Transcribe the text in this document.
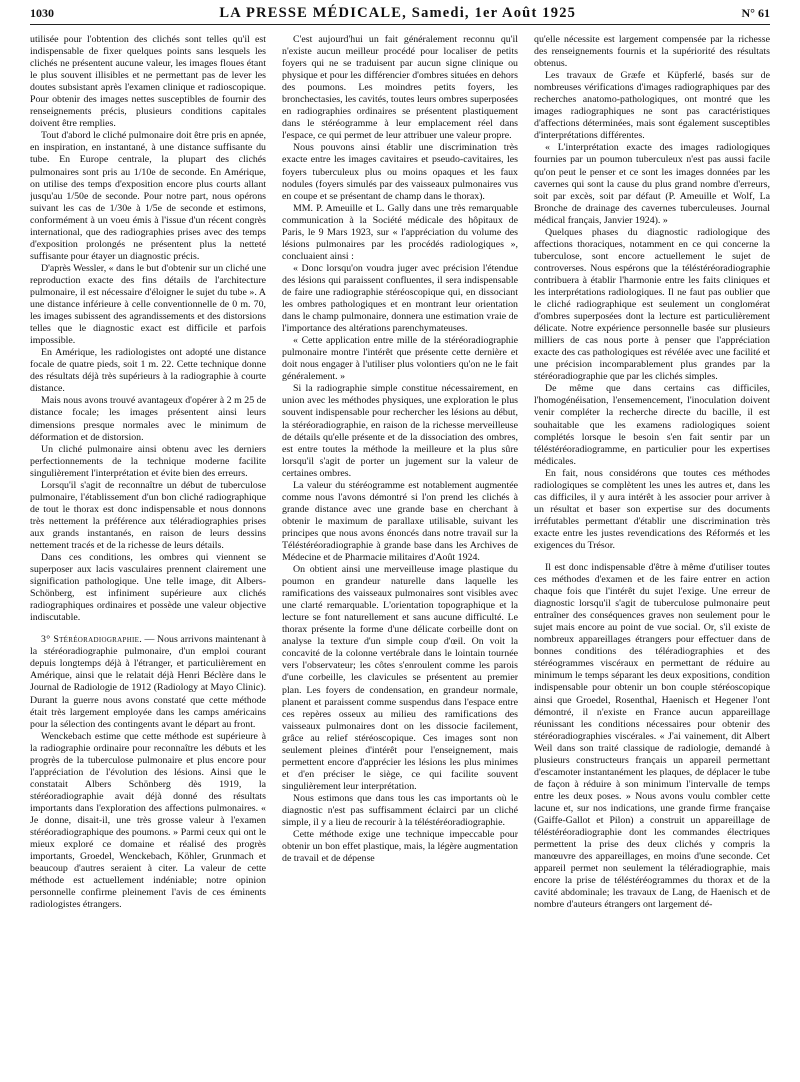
1030	LA PRESSE MÉDICALE, Samedi, 1er Août 1925	N° 61

utilisée pour l'obtention des clichés sont telles qu'il est indispensable de fixer quelques points sans lesquels les clichés ne présentent aucune valeur, les images floues étant le plus souvent illisibles et ne permettant pas de lever les doutes subsistant après l'examen clinique et radioscopique. Pour obtenir des images nettes susceptibles de fournir des renseignements précis, plusieurs conditions capitales doivent être remplies.

Tout d'abord le cliché pulmonaire doit être pris en apnée, en inspiration, en instantané, à une distance suffisante du tube. En Europe centrale, la plupart des clichés pulmonaires sont pris au 1/10e de seconde. En Amérique, on utilise des temps d'exposition encore plus courts allant jusqu'au 1/50e de seconde. Pour notre part, nous opérons suivant les cas de 1/30e à 1/5e de seconde et estimons, conformément à un voeu émis à l'issue d'un récent congrès international, que des radiographies prises avec des temps d'exposition prolongés ne présentent plus la netteté suffisante pour étayer un diagnostic précis.

D'après Wessler, « dans le but d'obtenir sur un cliché une reproduction exacte des fins détails de l'architecture pulmonaire, il est nécessaire d'éloigner le sujet du tube ». A une distance inférieure à celle conventionnelle de 0 m. 70, les images subissent des agrandissements et des distorsions telles que le diagnostic exact est difficile et parfois impossible.

En Amérique, les radiologistes ont adopté une distance focale de quatre pieds, soit 1 m. 22. Cette technique donne des résultats déjà très supérieurs à la radiographie à courte distance.

Mais nous avons trouvé avantageux d'opérer à 2 m 25 de distance focale; les images présentent ainsi leurs dimensions presque normales avec le minimum de déformation et de distorsion.

Un cliché pulmonaire ainsi obtenu avec les derniers perfectionnements de la technique moderne facilite singulièrement l'interprétation et évite bien des erreurs.

Lorsqu'il s'agit de reconnaître un début de tuberculose pulmonaire, l'établissement d'un bon cliché radiographique de tout le thorax est donc indispensable et nous donnons très nettement la préférence aux téléradiographies prises aux grands instantanés, en raison de leurs dessins nettement tracés et de la richesse de leurs détails.

Dans ces conditions, les ombres qui viennent se superposer aux lacis vasculaires prennent clairement une signification pathologique. Une telle image, dit Albers-Schönberg, est infiniment supérieure aux clichés radiographiques ordinaires et possède une valeur objective indiscutable.

3° Stéréoradiographie. — Nous arrivons maintenant à la stéréoradiographie pulmonaire, d'un emploi courant depuis longtemps déjà à l'étranger, et particulièrement en Amérique, ainsi que le relatait déjà Henri Béclère dans le Journal de Radiologie de 1912 (Radiology at Mayo Clinic). Durant la guerre nous avons constaté que cette méthode était très largement employée dans les camps américains pour la sélection des contingents avant le départ au front.

Wenckebach estime que cette méthode est supérieure à la radiographie ordinaire pour reconnaître les débuts et les progrès de la tuberculose pulmonaire et plus encore pour l'appréciation de l'évolution des lésions. Ainsi que le constatait Albers Schönberg dès 1919, la stéréoradiographie avait déjà donné des résultats importants dans l'exploration des affections pulmonaires. « Je donne, disait-il, une très grosse valeur à l'examen stéréoradiographique des poumons. » Parmi ceux qui ont le mieux exploré ce domaine et réalisé des progrès importants, Groedel, Wenckebach, Köhler, Grunmach et beaucoup d'autres seraient à citer. La valeur de cette méthode est actuellement indéniable; notre opinion personnelle confirme pleinement l'avis de ces éminents radiologistes étrangers.

C'est aujourd'hui un fait généralement reconnu qu'il n'existe aucun meilleur procédé pour localiser de petits foyers qui ne se traduisent par aucun signe clinique ou physique et pour les différencier d'ombres situées en dehors des poumons. Les moindres petits foyers, les bronchectasies, les cavités, toutes leurs ombres superposées en radiographies ordinaires se présentent plastiquement dans le stéréogramme à leur emplacement réel dans l'espace, ce qui permet de leur attribuer une valeur propre.

Nous pouvons ainsi établir une discrimination très exacte entre les images cavitaires et pseudo-cavitaires, les foyers tuberculeux plus ou moins opaques et les faux nodules (foyers simulés par des vaisseaux pulmonaires vus en coupe et se présentant de champ dans le thorax).

MM. P. Ameuille et L. Gally dans une très remarquable communication à la Société médicale des hôpitaux de Paris, le 9 Mars 1923, sur « l'appréciation du volume des lésions pulmonaires par les procédés radiologiques », concluaient ainsi :

« Donc lorsqu'on voudra juger avec précision l'étendue des lésions qui paraissent confluentes, il sera indispensable de faire une radiographie stéréoscopique qui, en dissociant les ombres pathologiques et en montrant leur orientation dans le champ pulmonaire, donnera une estimation vraie de l'importance des altérations parenchymateuses.

« Cette application entre mille de la stéréoradiographie pulmonaire montre l'intérêt que présente cette dernière et doit nous engager à l'utiliser plus volontiers qu'on ne le fait généralement. »

Si la radiographie simple constitue nécessairement, en union avec les méthodes physiques, une exploration le plus souvent indispensable pour rechercher les lésions au début, la stéréoradiographie, en raison de la richesse merveilleuse de détails qu'elle présente et de la dissociation des ombres, est entre toutes la méthode la meilleure et la plus sûre lorsqu'il s'agit de porter un jugement sur la valeur de certaines ombres.

La valeur du stéréogramme est notablement augmentée comme nous l'avons démontré si l'on prend les clichés à grande distance avec une grande base en cherchant à obtenir le maximum de parallaxe utilisable, suivant les principes que nous avons énoncés dans notre travail sur la Téléstéréoradiographie à grande base dans les Archives de Médecine et de Pharmacie militaires d'Août 1924.

On obtient ainsi une merveilleuse image plastique du poumon en grandeur naturelle dans laquelle les ramifications des vaisseaux pulmonaires sont visibles avec une clarté remarquable. L'orientation topographique et la lecture se font naturellement et sans aucune difficulté. Le thorax présente la forme d'une délicate corbeille dont on analyse la texture d'un simple coup d'œil. On voit la concavité de la colonne vertébrale dans le lointain tournée vers l'observateur; les côtes s'enroulent comme les parois d'une corbeille, les clavicules se présentent au premier plan. Les foyers de condensation, en grandeur normale, planent et paraissent comme suspendus dans l'espace entre ces repères osseux au milieu des ramifications des vaisseaux pulmonaires dont on les dissocie facilement, grâce au relief stéréoscopique. Ces images sont non seulement pleines d'intérêt pour l'enseignement, mais permettent encore d'apprécier les lésions les plus minimes et d'en préciser le siège, ce qui facilite souvent singulièrement leur interprétation.

Nous estimons que dans tous les cas importants où le diagnostic n'est pas suffisamment éclairci par un cliché simple, il y a lieu de recourir à la téléstéréoradiographie.

Cette méthode exige une technique impeccable pour obtenir un bon effet plastique, mais, la légère augmentation de travail et de dépense

qu'elle nécessite est largement compensée par la richesse des renseignements fournis et la supériorité des résultats obtenus.

Les travaux de Græfe et Küpferlé, basés sur de nombreuses vérifications d'images radiographiques par des recherches anatomo-pathologiques, ont montré que les images radiographiques ne sont pas caractéristiques d'affections déterminées, mais sont également susceptibles d'interprétations différentes.

« L'interprétation exacte des images radiologiques fournies par un poumon tuberculeux n'est pas aussi facile qu'on peut le penser et ce sont les images données par les cavernes qui sont la cause du plus grand nombre d'erreurs, soit par excès, soit par défaut (P. Ameuille et Wolf, La Bronche de drainage des cavernes tuberculeuses. Journal médical français, Janvier 1924). »

Quelques phases du diagnostic radiologique des affections thoraciques, notamment en ce qui concerne la tuberculose, sont encore actuellement le sujet de controverses. Nous espérons que la téléstéréoradiographie contribuera à établir l'harmonie entre les faits cliniques et les interprétations radiologiques. Il ne faut pas oublier que le cliché radiographique est seulement un conglomérat d'ombres superposées dont la lecture est particulièrement délicate. Notre expérience personnelle basée sur plusieurs milliers de cas nous porte à penser que l'appréciation exacte des cas pathologiques est révélée avec une facilité et une précision incomparablement plus grandes par la stéréoradiographie que par les clichés simples.

De même que dans certains cas difficiles, l'homogénéisation, l'ensemencement, l'inoculation doivent venir compléter la recherche directe du bacille, il est souhaitable que les examens radiologiques soient complétés lorsque le besoin s'en fait sentir par un téléstéréoradiogramme, en particulier pour les expertises médicales.

En fait, nous considérons que toutes ces méthodes radiologiques se complètent les unes les autres et, dans les cas difficiles, il y aura intérêt à les associer pour arriver à un résultat et baser son expertise sur des documents irréfutables permettant d'établir une discrimination très exacte entre les justes revendications des Réformés et les exigences du Trésor.

Il est donc indispensable d'être à même d'utiliser toutes ces méthodes d'examen et de les faire entrer en action chaque fois que l'intérêt du sujet l'exige. Une erreur de diagnostic lorsqu'il s'agit de tuberculose pulmonaire peut entraîner des conséquences graves non seulement pour le sujet mais encore au point de vue social. Or, s'il existe de nombreux appareillages étrangers pour effectuer dans de bonnes conditions des téléradiographies et des stéréogrammes viscéraux en permettant de réduire au minimum le temps séparant les deux expositions, condition indispensable pour obtenir un bon couple stéréoscopique ainsi que Groedel, Rosenthal, Haenisch et Hegener l'ont démontré, il n'existe en France aucun appareillage réunissant les conditions nécessaires pour obtenir des stéréoradiographies viscérales. « J'ai vainement, dit Albert Weil dans son traité classique de radiologie, demandé à plusieurs constructeurs français un appareil permettant d'escamoter instantanément les plaques, de déplacer le tube de façon à réduire à son minimum l'intervalle de temps entre les deux poses. » Nous avons voulu combler cette lacune et, sur nos indications, une grande firme française (Gaiffe-Gallot et Pilon) a construit un appareillage de téléstéréoradiographie dont les commandes électriques permettent la prise des deux clichés y compris la manœuvre des appareillages, en moins d'une seconde. Cet appareil permet non seulement la téléradiographie, mais encore la prise de téléstéréogrammes du thorax et de la cavité abdominale; les travaux de Lang, de Haenisch et de nombre d'auteurs étrangers ont largement dé-
